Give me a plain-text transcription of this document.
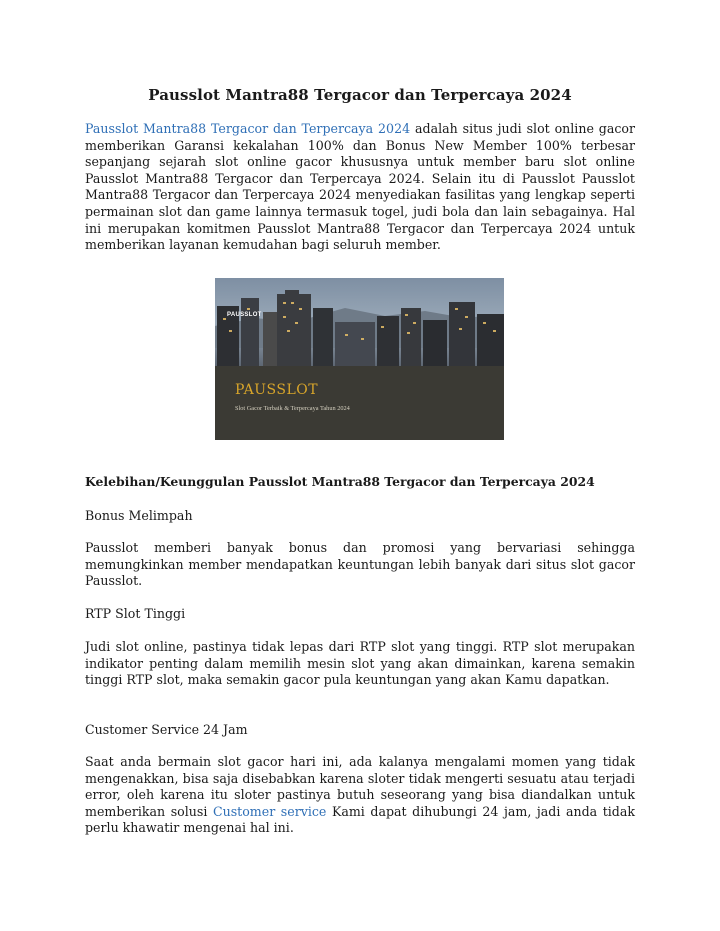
Pausslot Mantra88 Tergacor dan Terpercaya 2024
Pausslot Mantra88 Tergacor dan Terpercaya 2024 adalah situs judi slot online gacor memberikan Garansi kekalahan 100% dan Bonus New Member 100% terbesar sepanjang sejarah slot online gacor khususnya untuk member baru slot online Pausslot Mantra88 Tergacor dan Terpercaya 2024. Selain itu di Pausslot Pausslot Mantra88 Tergacor dan Terpercaya 2024 menyediakan fasilitas yang lengkap seperti permainan slot dan game lainnya termasuk togel, judi bola dan lain sebagainya. Hal ini merupakan komitmen Pausslot Mantra88 Tergacor dan Terpercaya 2024 untuk memberikan layanan kemudahan bagi seluruh member.
PAUSSLOT
PAUSSLOT
Slot Gacor Terbaik & Terpercaya Tahun 2024
Kelebihan/Keunggulan Pausslot Mantra88 Tergacor dan Terpercaya 2024
Bonus Melimpah
Pausslot memberi banyak bonus dan promosi yang bervariasi sehingga memungkinkan member mendapatkan keuntungan lebih banyak dari situs slot gacor Pausslot.
RTP Slot Tinggi
Judi slot online, pastinya tidak lepas dari RTP slot yang tinggi. RTP slot merupakan indikator penting dalam memilih mesin slot yang akan dimainkan, karena semakin tinggi RTP slot, maka semakin gacor pula keuntungan yang akan Kamu dapatkan.
Customer Service 24 Jam
Saat anda bermain slot gacor hari ini, ada kalanya mengalami momen yang tidak mengenakkan, bisa saja disebabkan karena sloter tidak mengerti sesuatu atau terjadi error, oleh karena itu sloter pastinya butuh seseorang yang bisa diandalkan untuk memberikan solusi Customer service Kami dapat dihubungi 24 jam, jadi anda tidak perlu khawatir mengenai hal ini.
